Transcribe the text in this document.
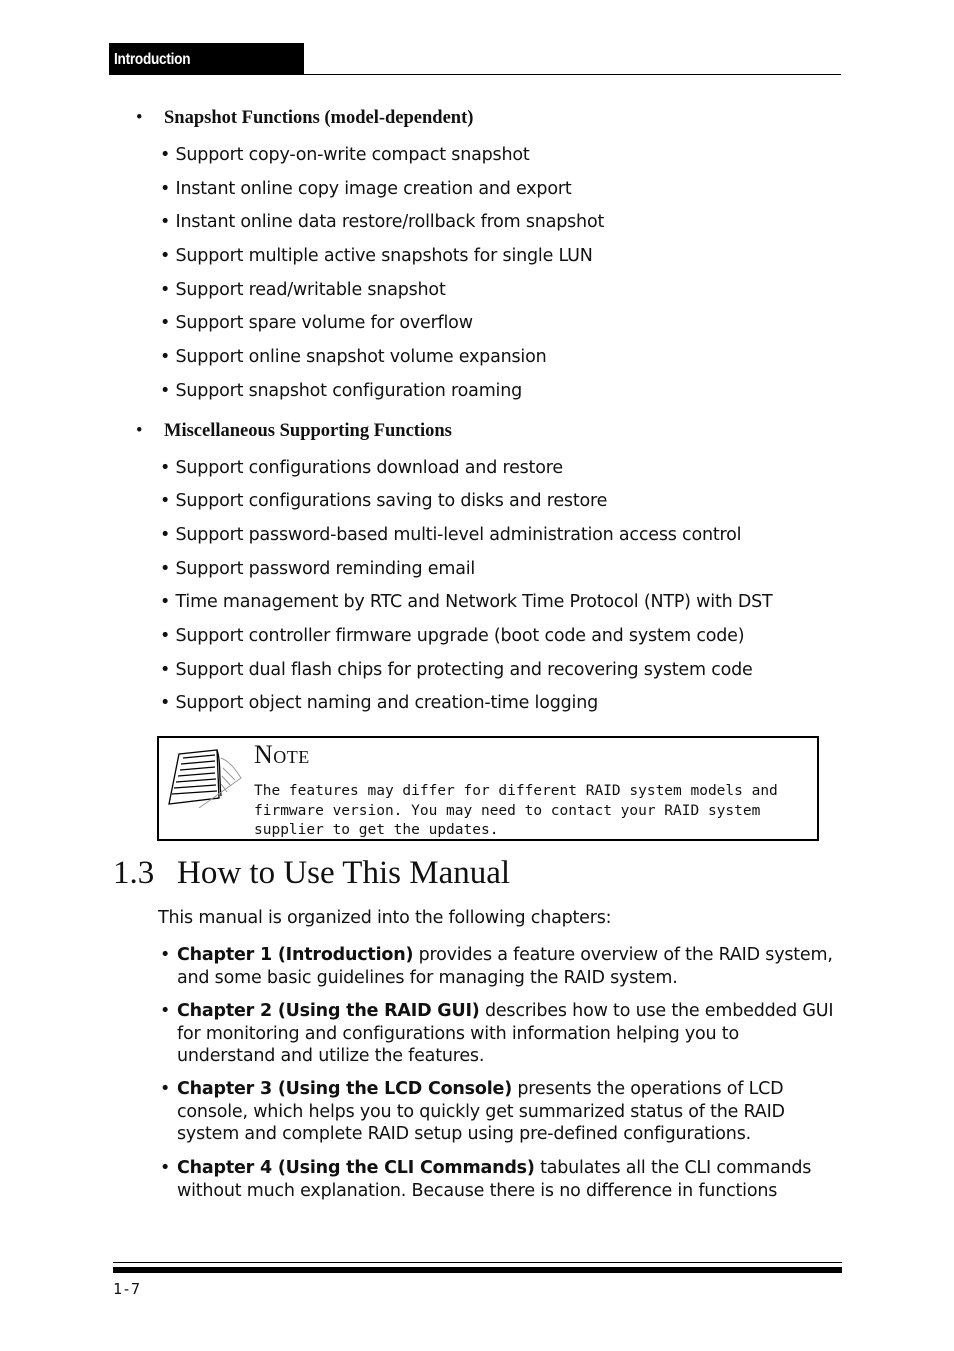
Introduction
• Snapshot Functions (model-dependent)
• Support copy-on-write compact snapshot
• Instant online copy image creation and export
• Instant online data restore/rollback from snapshot
• Support multiple active snapshots for single LUN
• Support read/writable snapshot
• Support spare volume for overflow
• Support online snapshot volume expansion
• Support snapshot configuration roaming
• Miscellaneous Supporting Functions
• Support configurations download and restore
• Support configurations saving to disks and restore
• Support password-based multi-level administration access control
• Support password reminding email
• Time management by RTC and Network Time Protocol (NTP) with DST
• Support controller firmware upgrade (boot code and system code)
• Support dual flash chips for protecting and recovering system code
• Support object naming and creation-time logging
Note
The features may differ for different RAID system models and
firmware version. You may need to contact your RAID system
supplier to get the updates.
1.3 How to Use This Manual
This manual is organized into the following chapters:
• Chapter 1 (Introduction) provides a feature overview of the RAID system, and some basic guidelines for managing the RAID system.
• Chapter 2 (Using the RAID GUI) describes how to use the embedded GUI for monitoring and configurations with information helping you to understand and utilize the features.
• Chapter 3 (Using the LCD Console) presents the operations of LCD console, which helps you to quickly get summarized status of the RAID system and complete RAID setup using pre-defined configurations.
• Chapter 4 (Using the CLI Commands) tabulates all the CLI commands without much explanation. Because there is no difference in functions
1-7
